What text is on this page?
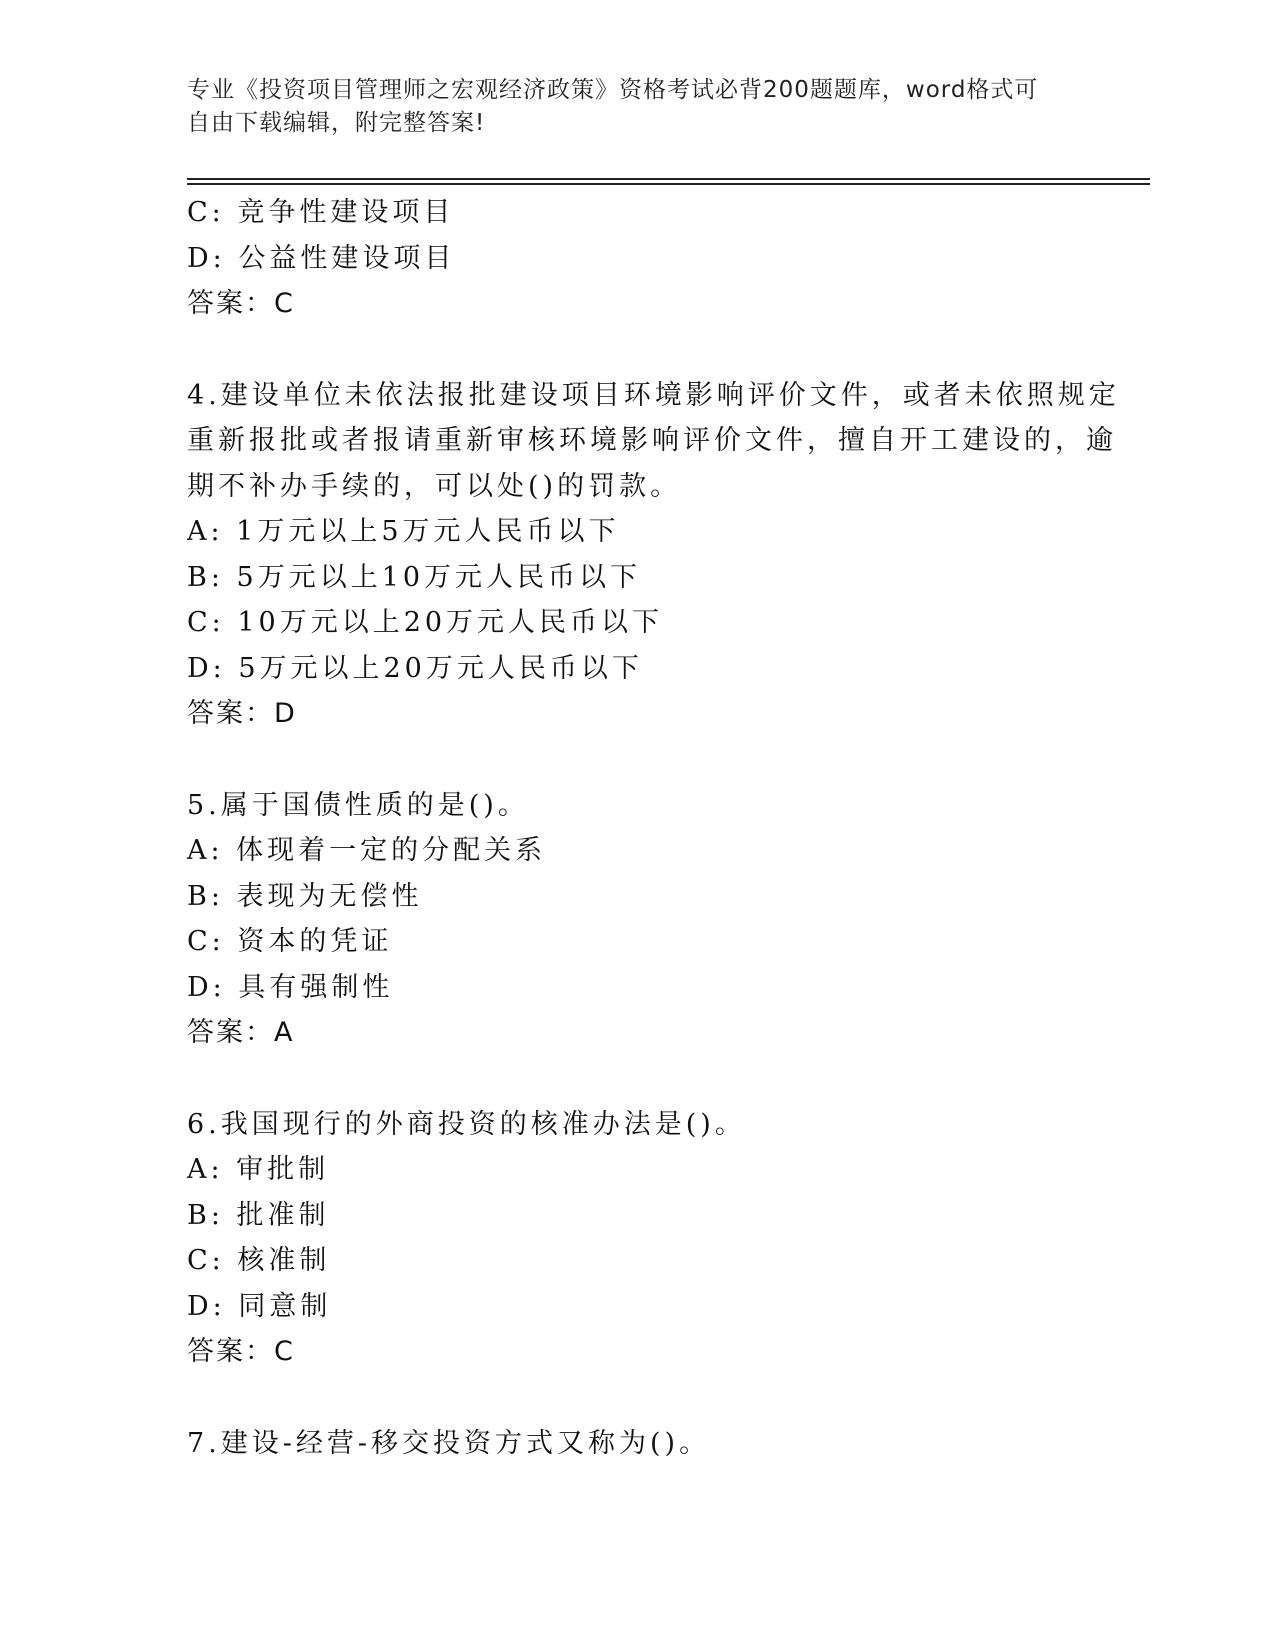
专业《投资项目管理师之宏观经济政策》资格考试必背200题题库，word格式可
自由下载编辑，附完整答案!
C: 竞争性建设项目
D: 公益性建设项目
答案：C
4.建设单位未依法报批建设项目环境影响评价文件，或者未依照规定
重新报批或者报请重新审核环境影响评价文件，擅自开工建设的，逾
期不补办手续的，可以处()的罚款。
A: 1万元以上5万元人民币以下
B: 5万元以上10万元人民币以下
C: 10万元以上20万元人民币以下
D: 5万元以上20万元人民币以下
答案：D
5.属于国债性质的是()。
A: 体现着一定的分配关系
B: 表现为无偿性
C: 资本的凭证
D: 具有强制性
答案：A
6.我国现行的外商投资的核准办法是()。
A: 审批制
B: 批准制
C: 核准制
D: 同意制
答案：C
7.建设-经营-移交投资方式又称为()。
